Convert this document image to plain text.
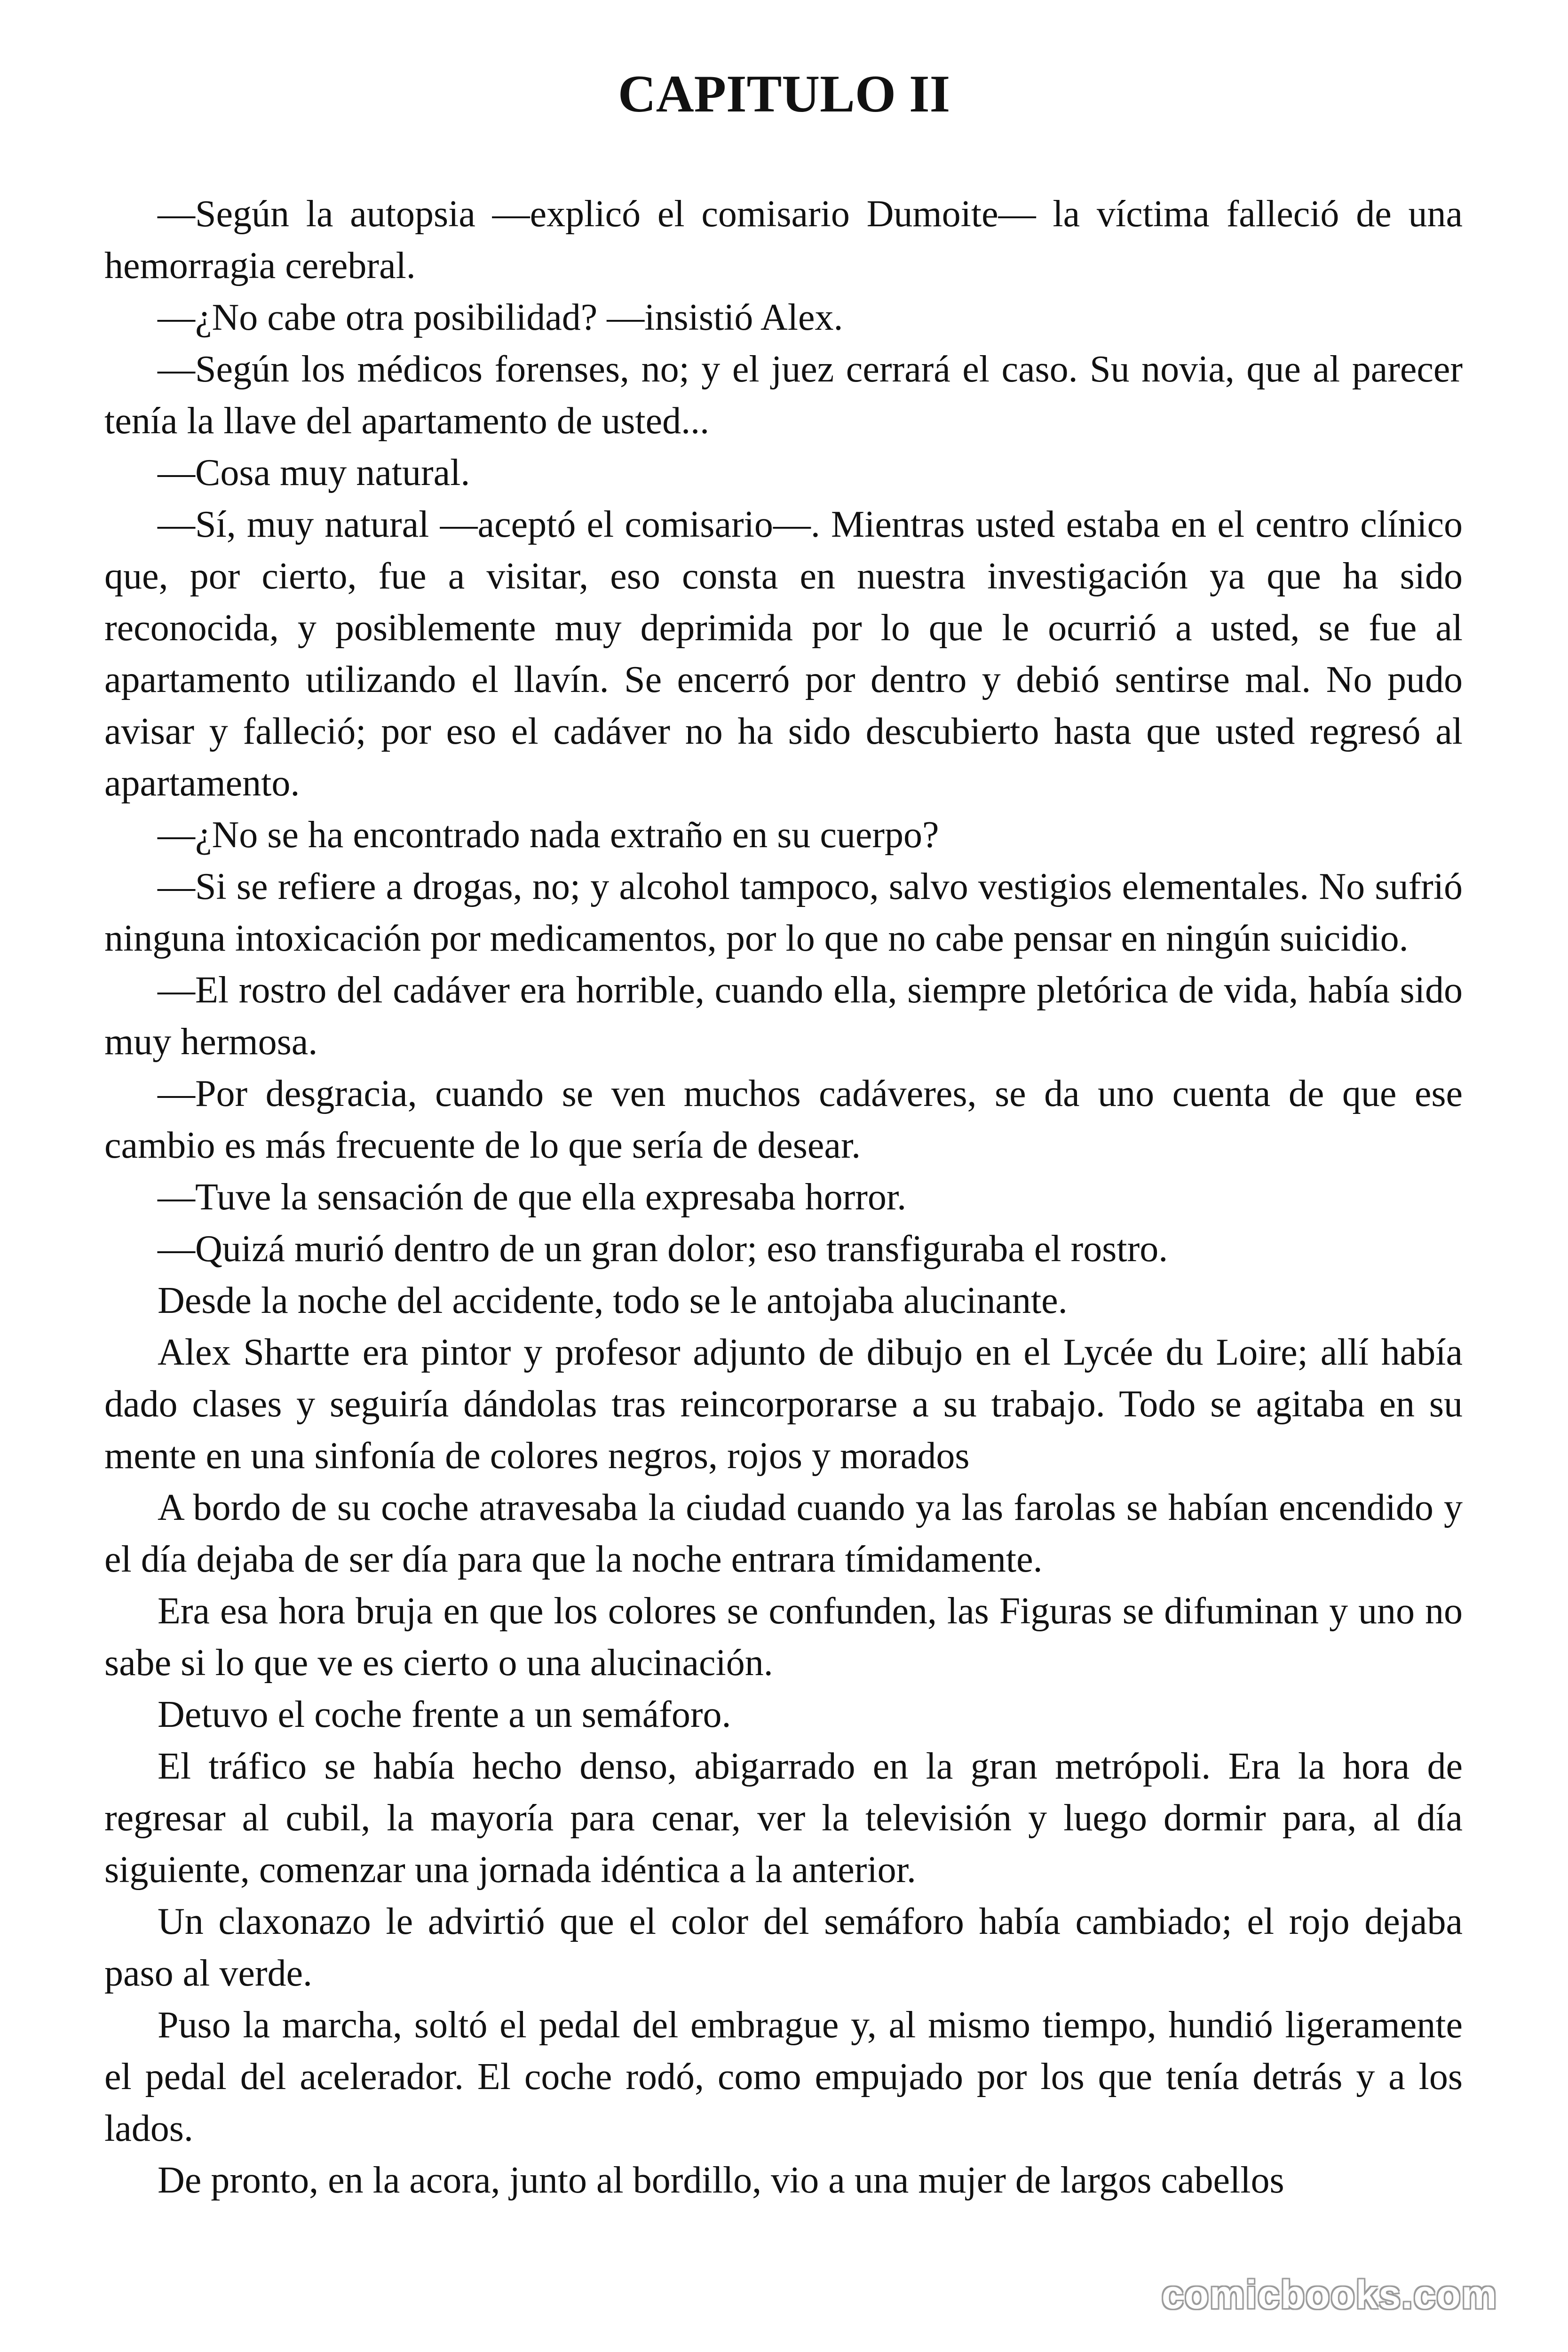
CAPITULO II

—Según la autopsia —explicó el comisario Dumoite— la víctima falleció de una hemorragia cerebral.

—¿No cabe otra posibilidad? —insistió Alex.

—Según los médicos forenses, no; y el juez cerrará el caso. Su novia, que al parecer tenía la llave del apartamento de usted...

—Cosa muy natural.

—Sí, muy natural —aceptó el comisario—. Mientras usted estaba en el centro clínico que, por cierto, fue a visitar, eso consta en nuestra investigación ya que ha sido reconocida, y posiblemente muy deprimida por lo que le ocurrió a usted, se fue al apartamento utilizando el llavín. Se encerró por dentro y debió sentirse mal. No pudo avisar y falleció; por eso el cadáver no ha sido descubierto hasta que usted regresó al apartamento.

—¿No se ha encontrado nada extraño en su cuerpo?

—Si se refiere a drogas, no; y alcohol tampoco, salvo vestigios elementales. No sufrió ninguna intoxicación por medicamentos, por lo que no cabe pensar en ningún suicidio.

—El rostro del cadáver era horrible, cuando ella, siempre pletórica de vida, había sido muy hermosa.

—Por desgracia, cuando se ven muchos cadáveres, se da uno cuenta de que ese cambio es más frecuente de lo que sería de desear.

—Tuve la sensación de que ella expresaba horror.

—Quizá murió dentro de un gran dolor; eso transfiguraba el rostro.

Desde la noche del accidente, todo se le antojaba alucinante.

Alex Shartte era pintor y profesor adjunto de dibujo en el Lycée du Loire; allí había dado clases y seguiría dándolas tras reincorporarse a su trabajo. Todo se agitaba en su mente en una sinfonía de colores negros, rojos y morados

A bordo de su coche atravesaba la ciudad cuando ya las farolas se habían encendido y el día dejaba de ser día para que la noche entrara tímidamente.

Era esa hora bruja en que los colores se confunden, las Figuras se difuminan y uno no sabe si lo que ve es cierto o una alucinación.

Detuvo el coche frente a un semáforo.

El tráfico se había hecho denso, abigarrado en la gran metrópoli. Era la hora de regresar al cubil, la mayoría para cenar, ver la televisión y luego dormir para, al día siguiente, comenzar una jornada idéntica a la anterior.

Un claxonazo le advirtió que el color del semáforo había cambiado; el rojo dejaba paso al verde.

Puso la marcha, soltó el pedal del embrague y, al mismo tiempo, hundió ligeramente el pedal del acelerador. El coche rodó, como empujado por los que tenía detrás y a los lados.

De pronto, en la acora, junto al bordillo, vio a una mujer de largos cabellos

comicbooks.com
